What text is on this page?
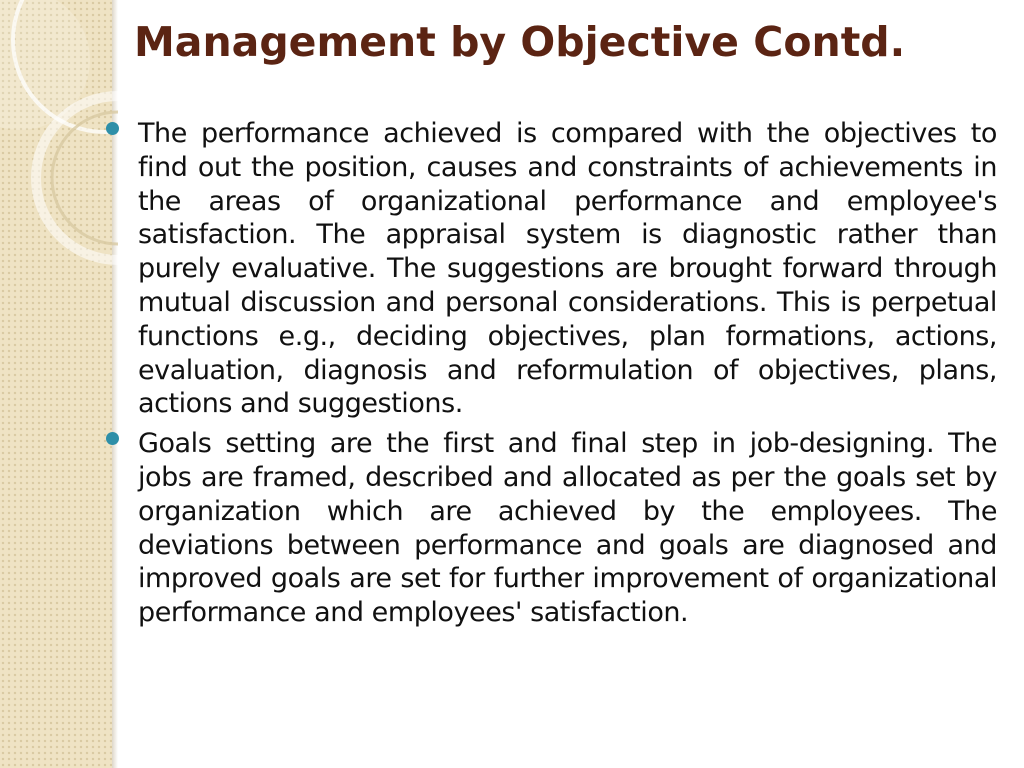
Management by Objective Contd.
The performance achieved is compared with the objectives to find out the position, causes and constraints of achievements in the areas of organizational performance and employee's satisfaction. The appraisal system is diagnostic rather than purely evaluative. The suggestions are brought forward through mutual discussion and personal considerations. This is perpetual functions e.g., deciding objectives, plan formations, actions, evaluation, diagnosis and reformulation of objectives, plans, actions and suggestions.
Goals setting are the first and final step in job-designing. The jobs are framed, described and allocated as per the goals set by organization which are achieved by the employees. The deviations between performance and goals are diagnosed and improved goals are set for further improvement of organizational performance and employees' satisfaction.
